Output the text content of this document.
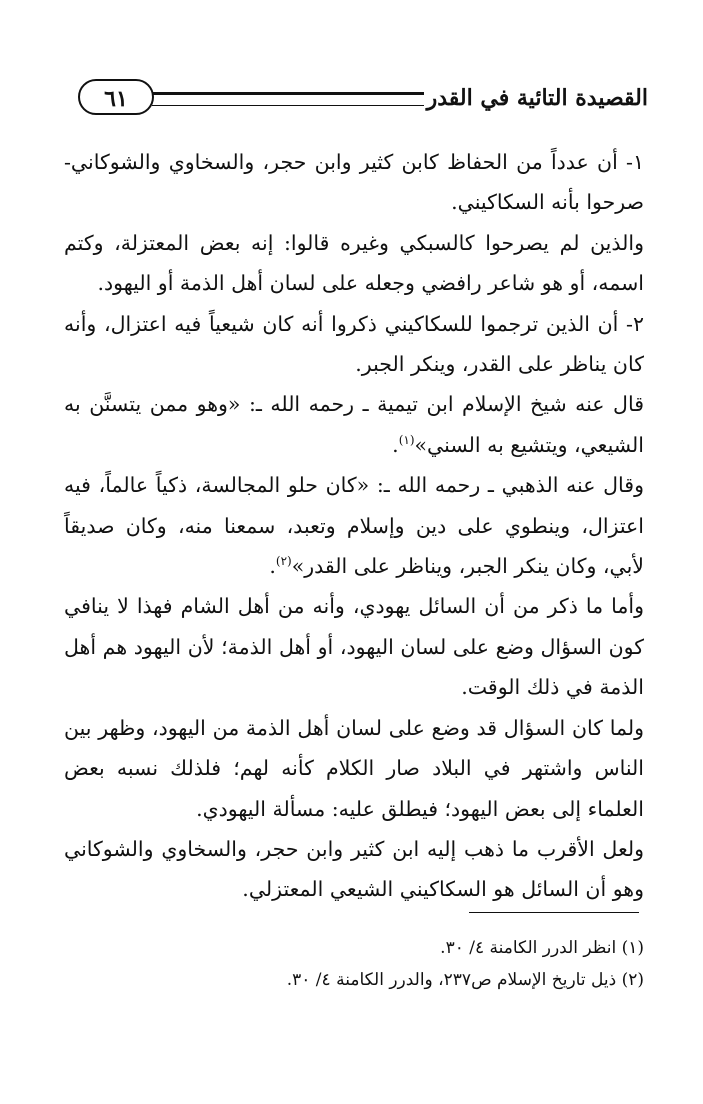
القصيدة التائية في القدر
٦١

١- أن عدداً من الحفاظ كابن كثير وابن حجر، والسخاوي والشوكاني- صرحوا بأنه السكاكيني.

والذين لم يصرحوا كالسبكي وغيره قالوا: إنه بعض المعتزلة، وكتم اسمه، أو هو شاعر رافضي وجعله على لسان أهل الذمة أو اليهود.

٢- أن الذين ترجموا للسكاكيني ذكروا أنه كان شيعياً فيه اعتزال، وأنه كان يناظر على القدر، وينكر الجبر.

قال عنه شيخ الإسلام ابن تيمية ـ رحمه الله ـ: «وهو ممن يتسنَّن به الشيعي، ويتشيع به السني»$^{(١)}$.

وقال عنه الذهبي ـ رحمه الله ـ: «كان حلو المجالسة، ذكياً عالماً، فيه اعتزال، وينطوي على دين وإسلام وتعبد، سمعنا منه، وكان صديقاً لأبي، وكان ينكر الجبر، ويناظر على القدر»$^{(٢)}$.

وأما ما ذكر من أن السائل يهودي، وأنه من أهل الشام فهذا لا ينافي كون السؤال وضع على لسان اليهود، أو أهل الذمة؛ لأن اليهود هم أهل الذمة في ذلك الوقت.

ولما كان السؤال قد وضع على لسان أهل الذمة من اليهود، وظهر بين الناس واشتهر في البلاد صار الكلام كأنه لهم؛ فلذلك نسبه بعض العلماء إلى بعض اليهود؛ فيطلق عليه: مسألة اليهودي.

ولعل الأقرب ما ذهب إليه ابن كثير وابن حجر، والسخاوي والشوكاني وهو أن السائل هو السكاكيني الشيعي المعتزلي.

(١) انظر الدرر الكامنة ٤/ ٣٠.

(٢) ذيل تاريخ الإسلام ص٢٣٧، والدرر الكامنة ٤/ ٣٠.
